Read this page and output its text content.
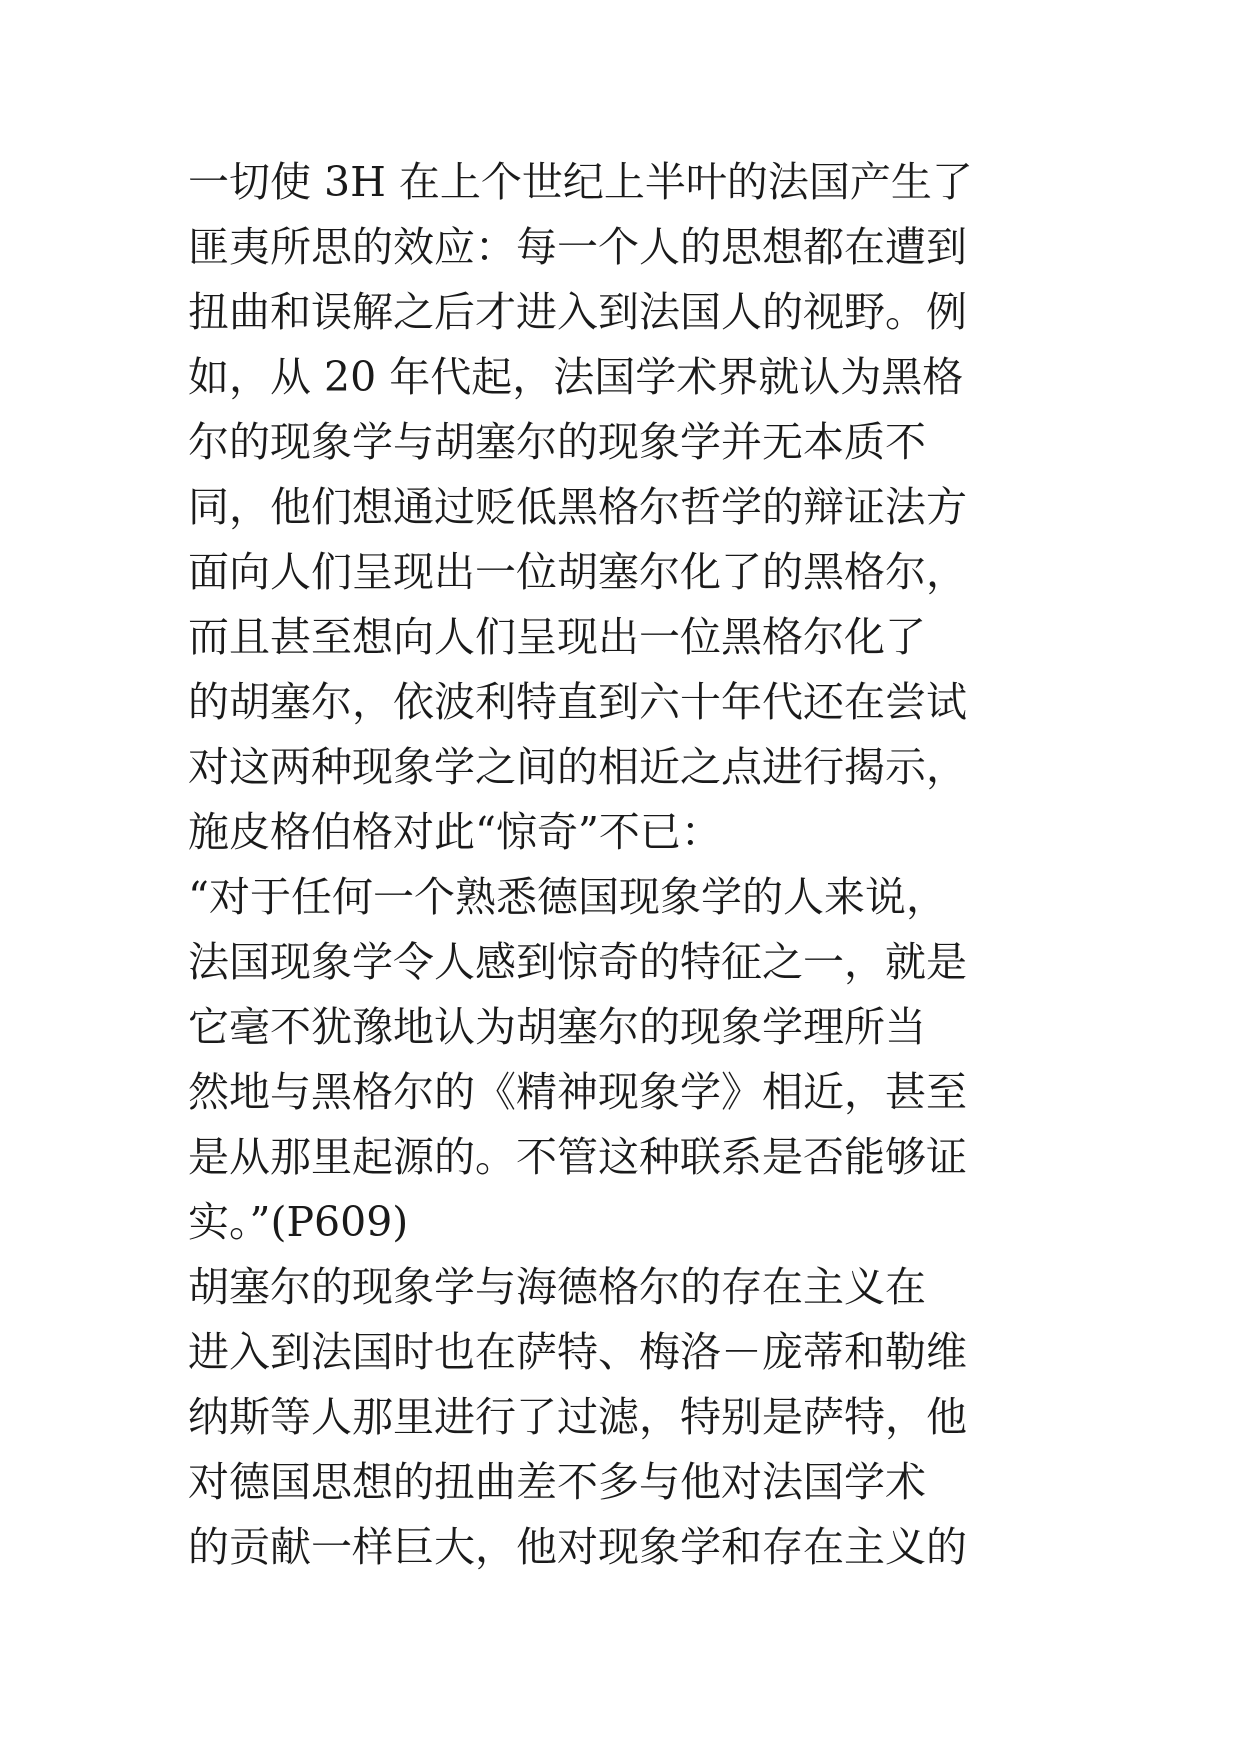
一切使 3H 在上个世纪上半叶的法国产生了
匪夷所思的效应：每一个人的思想都在遭到
扭曲和误解之后才进入到法国人的视野。例
如，从 20 年代起，法国学术界就认为黑格
尔的现象学与胡塞尔的现象学并无本质不
同，他们想通过贬低黑格尔哲学的辩证法方
面向人们呈现出一位胡塞尔化了的黑格尔，
而且甚至想向人们呈现出一位黑格尔化了
的胡塞尔，依波利特直到六十年代还在尝试
对这两种现象学之间的相近之点进行揭示，
施皮格伯格对此“惊奇”不已：
“对于任何一个熟悉德国现象学的人来说，
法国现象学令人感到惊奇的特征之一，就是
它毫不犹豫地认为胡塞尔的现象学理所当
然地与黑格尔的《精神现象学》相近，甚至
是从那里起源的。不管这种联系是否能够证
实。”(P609)
胡塞尔的现象学与海德格尔的存在主义在
进入到法国时也在萨特、梅洛－庞蒂和勒维
纳斯等人那里进行了过滤，特别是萨特，他
对德国思想的扭曲差不多与他对法国学术
的贡献一样巨大，他对现象学和存在主义的
